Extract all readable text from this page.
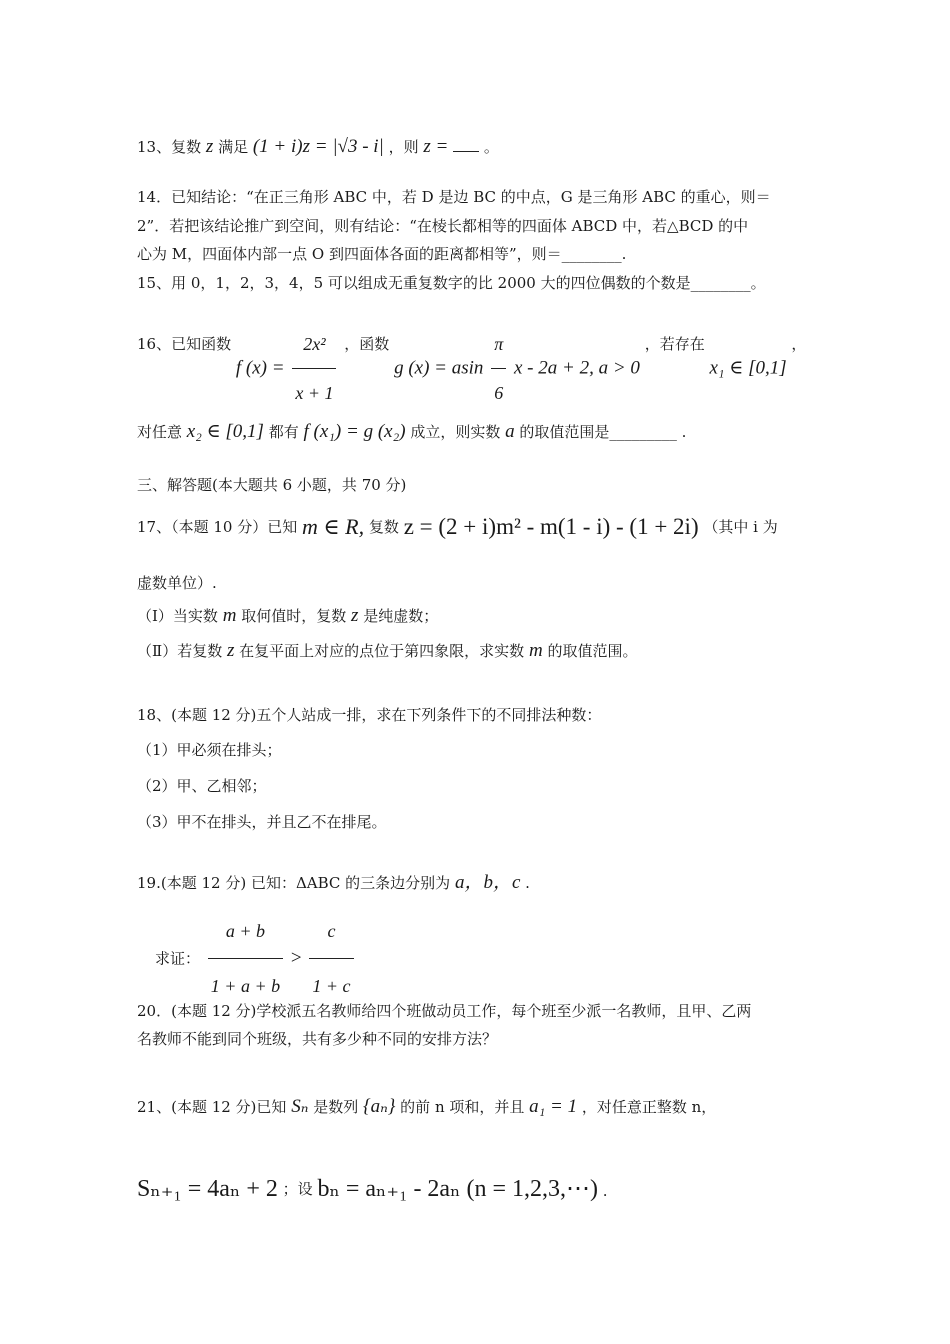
13、复数 z 满足 (1 + i)z = |√3 - i| ，则 z = 。
14．已知结论：“在正三角形 ABC 中，若 D 是边 BC 的中点，G 是三角形 ABC 的重心，则＝
2”．若把该结论推广到空间，则有结论：“在棱长都相等的四面体 ABCD 中，若△BCD 的中
心为 M，四面体内部一点 O 到四面体各面的距离都相等”，则＝________.
15、用 0，1，2，3，4，5 可以组成无重复数字的比 2000 大的四位偶数的个数是________。
16、已知函数 f $(x) = \frac{\text{2x²}}{x + 1}$ ，函数 g (x) = asin $\frac{\pi}{6}$ x - 2a + 2, a > 0 ，若存在 x₁ ∈ [0,1] ，
对任意 x₂ ∈ [0,1] 都有 f (x₁) = g (x₂) 成立，则实数 a 的取值范围是_________ .
三、解答题(本大题共 6 小题，共 70 分)
17、（本题 10 分）已知 m ∈ R, 复数 z = (2 + i)m² - m(1 - i) - (1 + 2i) （其中 i 为
虚数单位）.
（Ⅰ）当实数 m 取何值时，复数 z 是纯虚数；
（Ⅱ）若复数 z 在复平面上对应的点位于第四象限，求实数 m 的取值范围。
18、(本题 12 分)五个人站成一排，求在下列条件下的不同排法种数：
（1）甲必须在排头；
（2）甲、乙相邻；
（3）甲不在排头，并且乙不在排尾。
19.(本题 12 分) 已知：ΔABC 的三条边分别为 a，b，c .
求证： $\frac{a + b}{1 + a + b} > \frac{c}{1 + c}$
20．(本题 12 分)学校派五名教师给四个班做动员工作，每个班至少派一名教师，且甲、乙两
名教师不能到同个班级，共有多少种不同的安排方法？
21、(本题 12 分)已知 Sₙ 是数列 {aₙ} 的前 n 项和，并且 a₁ = 1 ，对任意正整数 n，
Sₙ₊₁ = 4aₙ + 2 ；设 bₙ = aₙ₊₁ - 2aₙ (n = 1,2,3,⋯) .
